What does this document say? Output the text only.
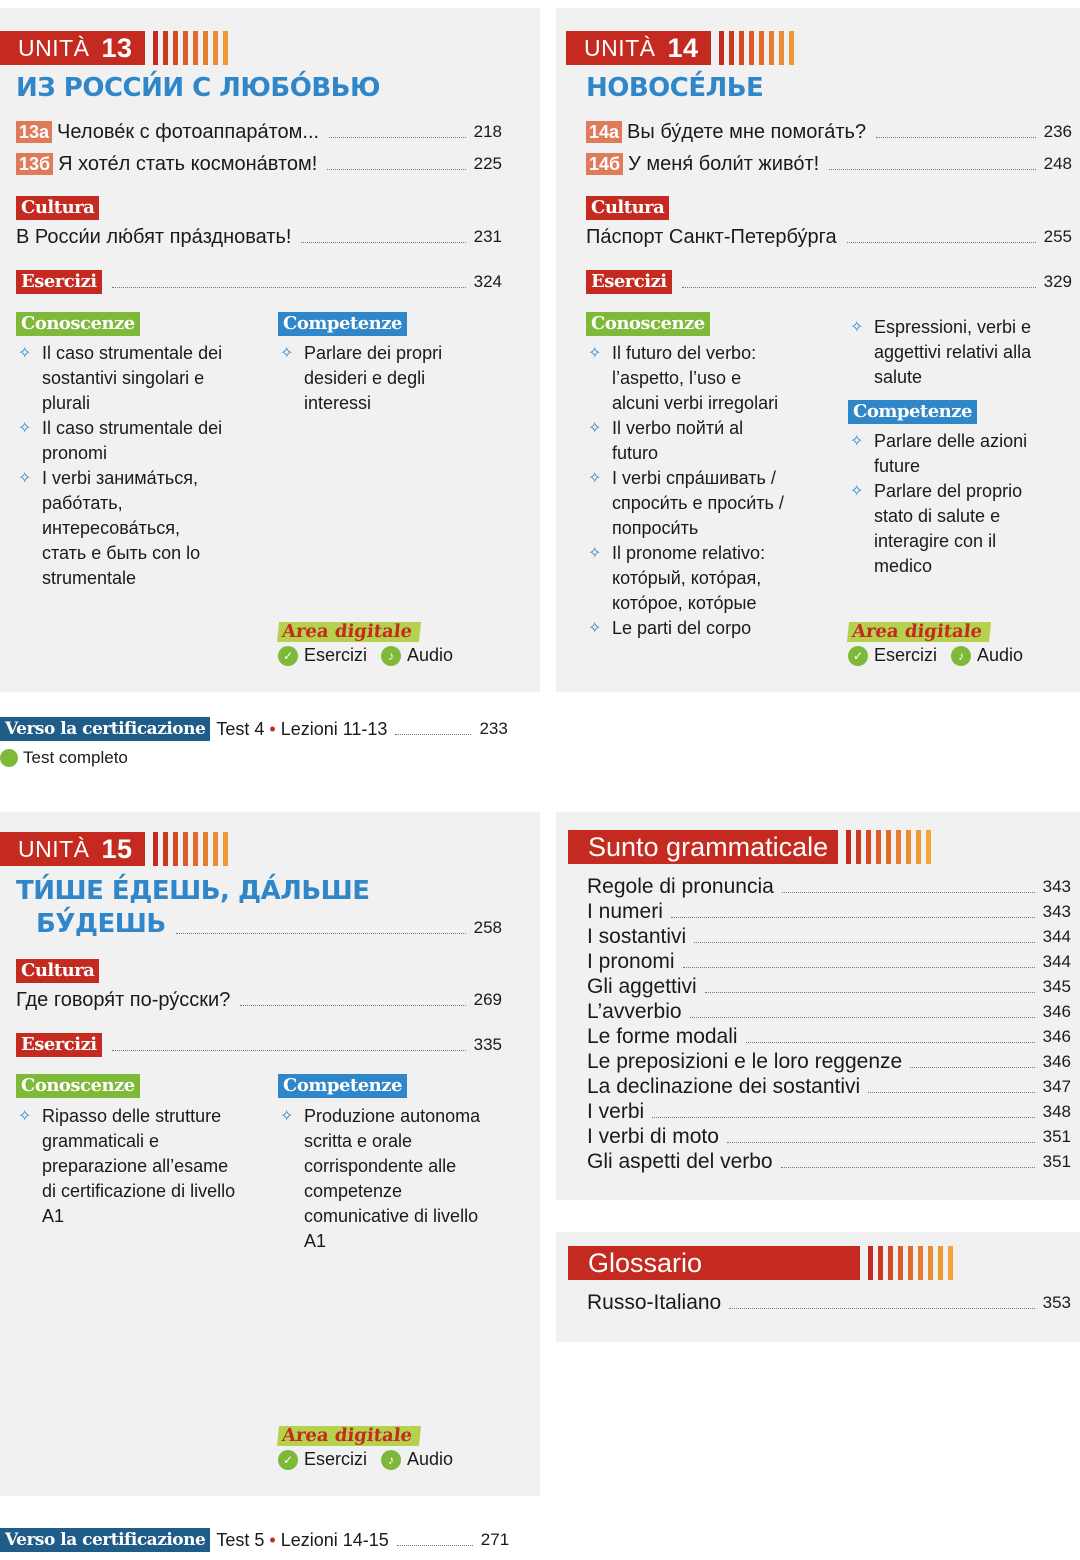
UNITÀ 13
ИЗ РОССИ́И С ЛЮБО́ВЬЮ
13а Челове́к с фотоаппара́том...	218
13б Я хоте́л стать космона́втом!	225
Cultura
В Росси́и лю́бят пра́здновать!	231
Esercizi	324
Conoscenze
✧ Il caso strumentale dei sostantivi singolari e plurali
✧ Il caso strumentale dei pronomi
✧ I verbi занима́ться, рабо́тать, интересова́ться, стать e быть con lo strumentale
Competenze
✧ Parlare dei propri desideri e degli interessi
Area digitale
✓ Esercizi	♪ Audio
UNITÀ 14
НОВОСЕ́ЛЬЕ
14а Вы бу́дете мне помога́ть?	236
14б У меня́ боли́т живо́т!	248
Cultura
Па́спорт Санкт-Петербу́рга	255
Esercizi	329
Conoscenze
✧ Il futuro del verbo: l’aspetto, l’uso e alcuni verbi irregolari
✧ Il verbo пойти́ al futuro
✧ I verbi спра́шивать / спроси́ть e проси́ть / попроси́ть
✧ Il pronome relativo: кото́рый, кото́рая, кото́рое, кото́рые
✧ Le parti del corpo
✧ Espressioni, verbi e aggettivi relativi alla salute
Competenze
✧ Parlare delle azioni future
✧ Parlare del proprio stato di salute e interagire con il medico
Area digitale
✓ Esercizi	♪ Audio
Verso la certificazione Test 4 • Lezioni 11-13	233
Test completo
UNITÀ 15
ТИ́ШЕ Е́ДЕШЬ, ДА́ЛЬШЕ
БУ́ДЕШЬ	258
Cultura
Где говоря́т по-ру́сски?	269
Esercizi	335
Conoscenze
✧ Ripasso delle strutture grammaticali e preparazione all’esame di certificazione di livello A1
Competenze
✧ Produzione autonoma scritta e orale corrispondente alle competenze comunicative di livello A1
Area digitale
✓ Esercizi	♪ Audio
Verso la certificazione Test 5 • Lezioni 14-15	271
Sunto grammaticale
Regole di pronuncia	343
I numeri	343
I sostantivi	344
I pronomi	344
Gli aggettivi	345
L’avverbio	346
Le forme modali	346
Le preposizioni e le loro reggenze	346
La declinazione dei sostantivi	347
I verbi	348
I verbi di moto	351
Gli aspetti del verbo	351
Glossario
Russo-Italiano	353
